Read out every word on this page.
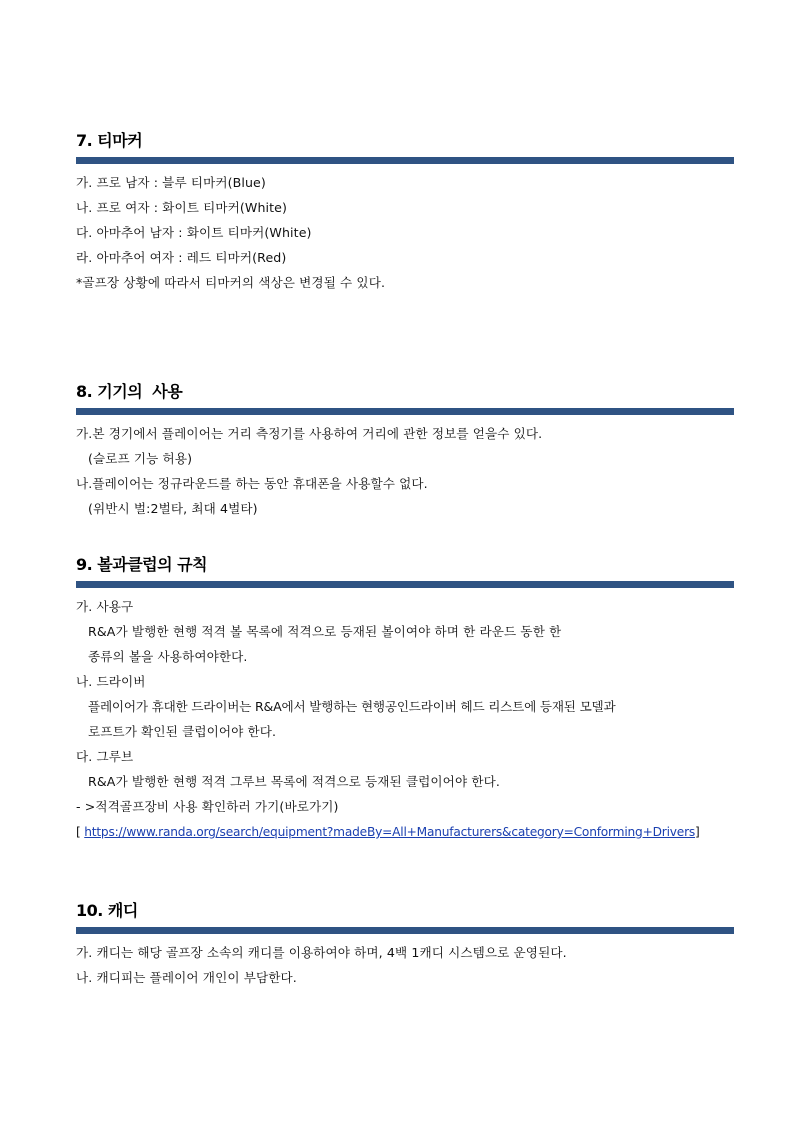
7. 티마커
가. 프로 남자 : 블루 티마커(Blue)
나. 프로 여자 : 화이트 티마커(White)
다. 아마추어 남자 : 화이트 티마커(White)
라. 아마추어 여자 : 레드 티마커(Red)
*골프장 상황에 따라서 티마커의 색상은 변경될 수 있다.
8. 기기의  사용
가.본 경기에서 플레이어는 거리 측정기를 사용하여 거리에 관한 정보를 얻을수 있다.
(슬로프 기능 허용)
나.플레이어는 정규라운드를 하는 동안 휴대폰을 사용할수 없다.
(위반시 벌:2벌타, 최대 4벌타)
9. 볼과클럽의 규칙
가. 사용구
R&A가 발행한 현행 적격 볼 목록에 적격으로 등재된 볼이여야 하며 한 라운드 동한 한
종류의 볼을 사용하여야한다.
나. 드라이버
플레이어가 휴대한 드라이버는 R&A에서 발행하는 현행공인드라이버 헤드 리스트에 등재된 모델과
로프트가 확인된 클럽이어야 한다.
다. 그루브
R&A가 발행한 현행 적격 그루브 목록에 적격으로 등재된 클럽이어야 한다.
- >적격골프장비 사용 확인하러 가기(바로가기)
[ https://www.randa.org/search/equipment?madeBy=All+Manufacturers&category=Conforming+Drivers]
10. 캐디
가. 캐디는 해당 골프장 소속의 캐디를 이용하여야 하며, 4백 1캐디 시스템으로 운영된다.
나. 캐디피는 플레이어 개인이 부담한다.
